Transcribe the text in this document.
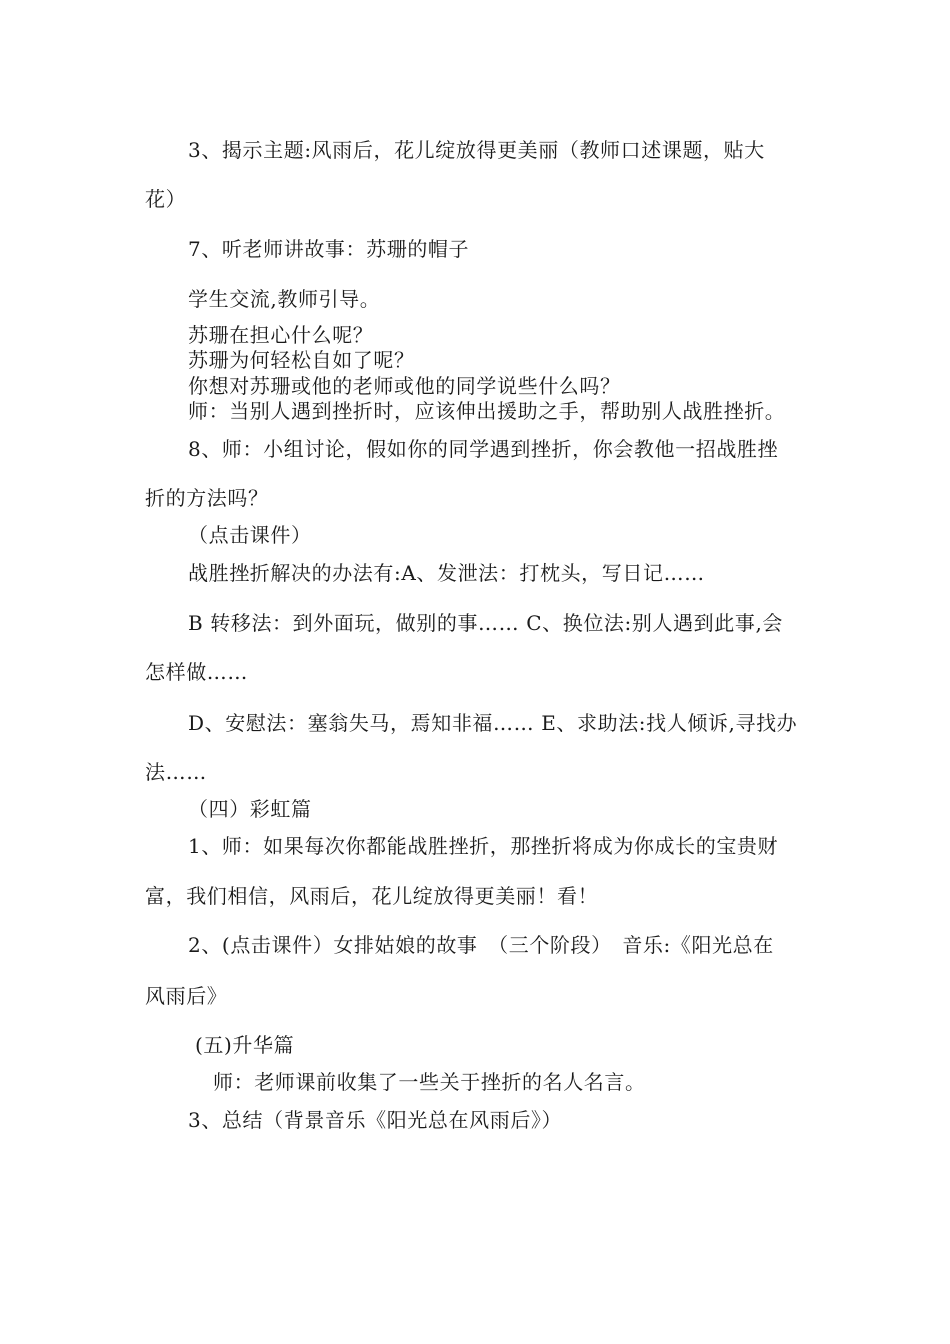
3、揭示主题:风雨后，花儿绽放得更美丽（教师口述课题，贴大

花）

7、听老师讲故事：苏珊的帽子

学生交流,教师引导。

苏珊在担心什么呢？

苏珊为何轻松自如了呢？

你想对苏珊或他的老师或他的同学说些什么吗？

师：当别人遇到挫折时，应该伸出援助之手，帮助别人战胜挫折。

8、师：小组讨论，假如你的同学遇到挫折，你会教他一招战胜挫

折的方法吗？

（点击课件）

战胜挫折解决的办法有:A、发泄法：打枕头，写日记……

B 转移法：到外面玩，做别的事…… C、换位法:别人遇到此事,会

怎样做……

D、安慰法：塞翁失马，焉知非福…… E、求助法:找人倾诉,寻找办

法……

（四）彩虹篇

1、师：如果每次你都能战胜挫折，那挫折将成为你成长的宝贵财

富，我们相信，风雨后，花儿绽放得更美丽！看！

2、(点击课件）女排姑娘的故事　（三个阶段）　音乐:《阳光总在

风雨后》

(五)升华篇

师：老师课前收集了一些关于挫折的名人名言。

3、总结（背景音乐《阳光总在风雨后》）
